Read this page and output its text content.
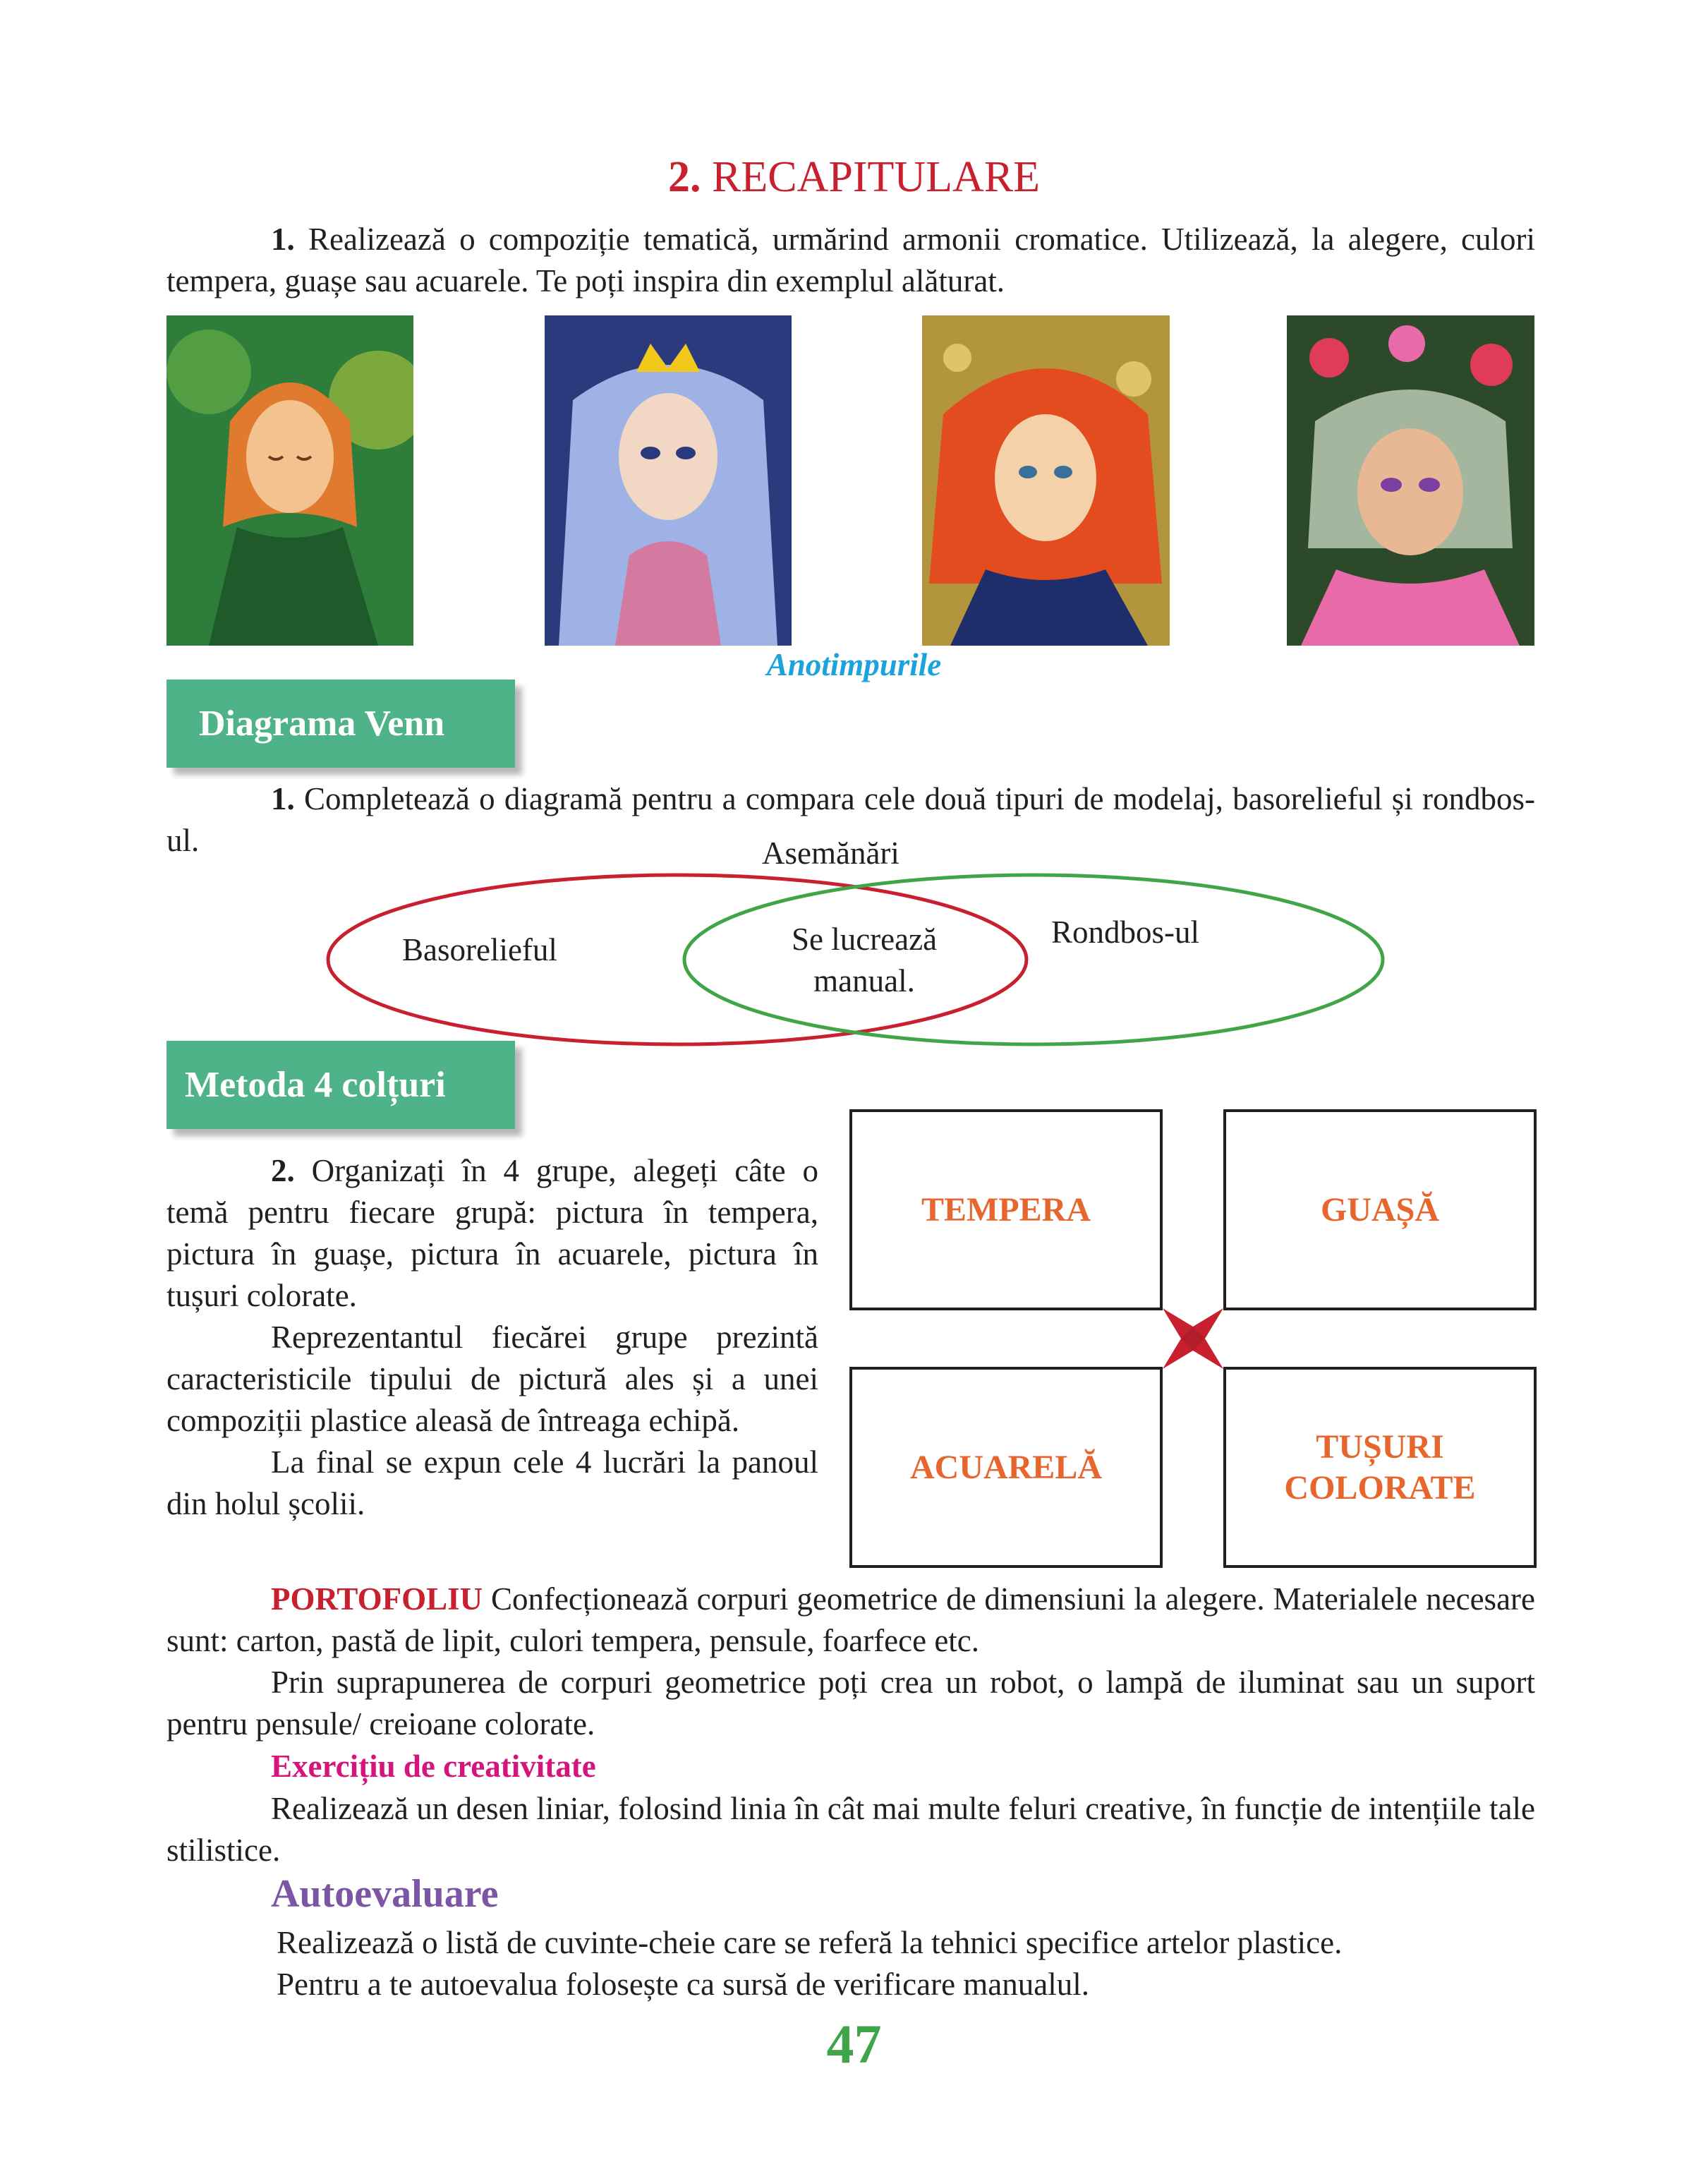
2. RECAPITULARE
1. Realizează o compoziție tematică, urmărind armonii cromatice. Utilizează, la alegere, culori tempera, guașe sau acuarele. Te poți inspira din exemplul alăturat.
Anotimpurile
Diagrama Venn
1. Completează o diagramă pentru a compara cele două tipuri de modelaj, basorelieful și rondbos-ul.	Asemănări
Basorelieful	Se lucrează manual.
Rondbos-ul
Metoda 4 colțuri
2. Organizați în 4 grupe, alegeți câte o temă pentru fiecare grupă: pictura în tempera, pictura în guașe, pictura în acuarele, pictura în tușuri colorate.
Reprezentantul fiecărei grupe prezintă caracteristicile tipului de pictură ales și a unei compoziții plastice aleasă de întreaga echipă.
La final se expun cele 4 lucrări la panoul din holul școlii.
TEMPERA	GUAȘĂ
ACUARELĂ
TUȘURI
COLORATE
PORTOFOLIU Confecționează corpuri geometrice de dimensiuni la alegere. Materialele necesare sunt: carton, pastă de lipit, culori tempera, pensule, foarfece etc.
Prin suprapunerea de corpuri geometrice poți crea un robot, o lampă de iluminat sau un suport pentru pensule/ creioane colorate.
Exercițiu de creativitate
Realizează un desen liniar, folosind linia în cât mai multe feluri creative, în funcție de intențiile tale stilistice.
Autoevaluare
Realizează o listă de cuvinte-cheie care se referă la tehnici specifice artelor plastice.
Pentru a te autoevalua folosește ca sursă de verificare manualul.
47
